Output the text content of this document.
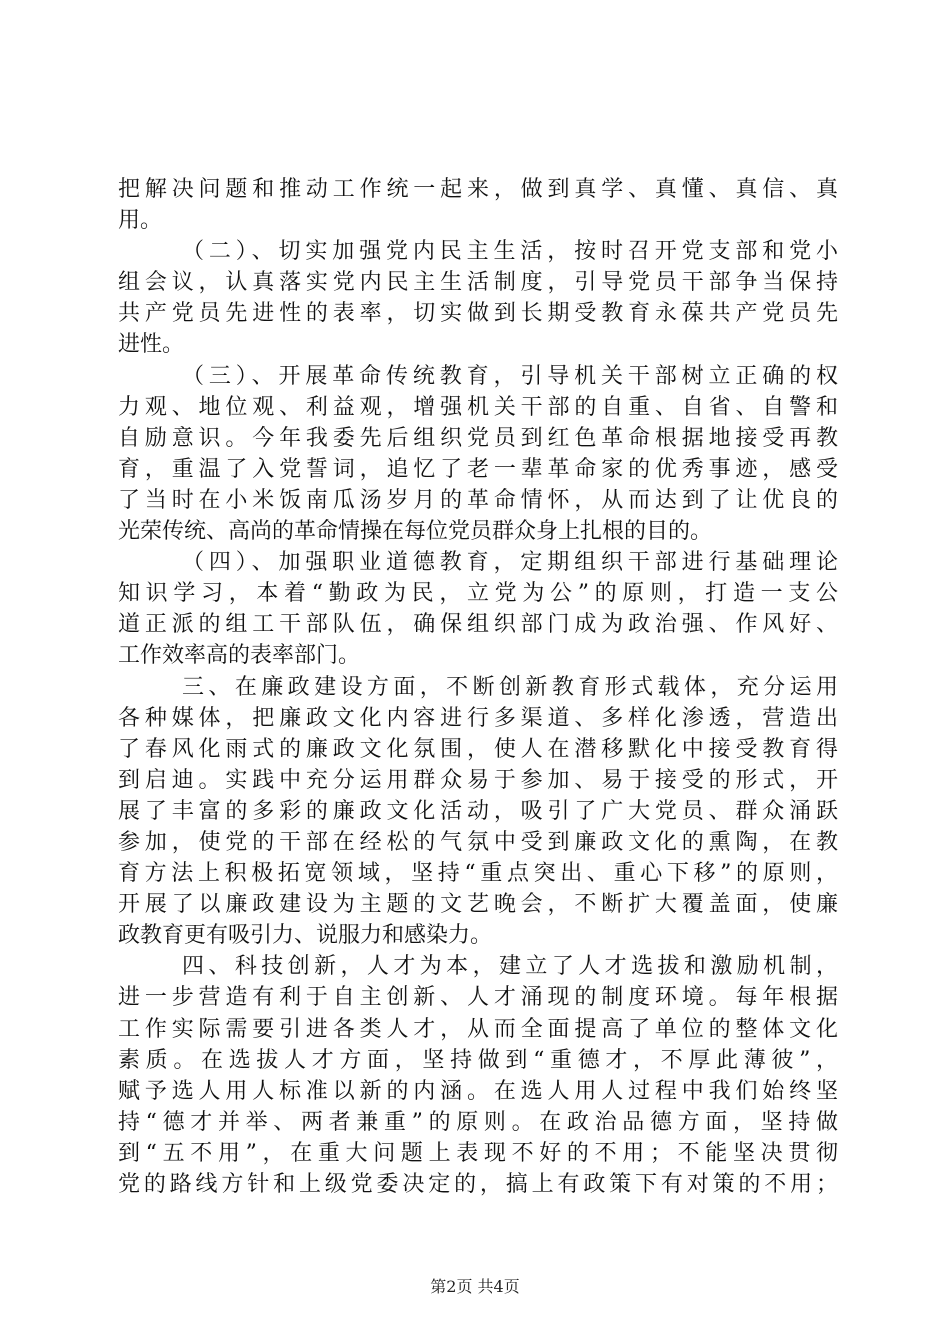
把解决问题和推动工作统一起来，做到真学、真懂、真信、真
用。
（二）、切实加强党内民主生活，按时召开党支部和党小
组会议，认真落实党内民主生活制度，引导党员干部争当保持
共产党员先进性的表率，切实做到长期受教育永葆共产党员先
进性。
（三）、开展革命传统教育，引导机关干部树立正确的权
力观、地位观、利益观，增强机关干部的自重、自省、自警和
自励意识。今年我委先后组织党员到红色革命根据地接受再教
育，重温了入党誓词，追忆了老一辈革命家的优秀事迹，感受
了当时在小米饭南瓜汤岁月的革命情怀，从而达到了让优良的
光荣传统、高尚的革命情操在每位党员群众身上扎根的目的。
（四）、加强职业道德教育，定期组织干部进行基础理论
知识学习，本着“勤政为民，立党为公”的原则，打造一支公
道正派的组工干部队伍，确保组织部门成为政治强、作风好、
工作效率高的表率部门。
三、在廉政建设方面，不断创新教育形式载体，充分运用
各种媒体，把廉政文化内容进行多渠道、多样化渗透，营造出
了春风化雨式的廉政文化氛围，使人在潜移默化中接受教育得
到启迪。实践中充分运用群众易于参加、易于接受的形式，开
展了丰富的多彩的廉政文化活动，吸引了广大党员、群众涌跃
参加，使党的干部在经松的气氛中受到廉政文化的熏陶，在教
育方法上积极拓宽领域，坚持“重点突出、重心下移”的原则，
开展了以廉政建设为主题的文艺晚会，不断扩大覆盖面，使廉
政教育更有吸引力、说服力和感染力。
四、科技创新，人才为本，建立了人才选拔和激励机制，
进一步营造有利于自主创新、人才涌现的制度环境。每年根据
工作实际需要引进各类人才，从而全面提高了单位的整体文化
素质。在选拔人才方面，坚持做到“重德才，不厚此薄彼”，
赋予选人用人标准以新的内涵。在选人用人过程中我们始终坚
持“德才并举、两者兼重”的原则。在政治品德方面，坚持做
到“五不用”，在重大问题上表现不好的不用；不能坚决贯彻
党的路线方针和上级党委决定的，搞上有政策下有对策的不用；
第2页 共4页
